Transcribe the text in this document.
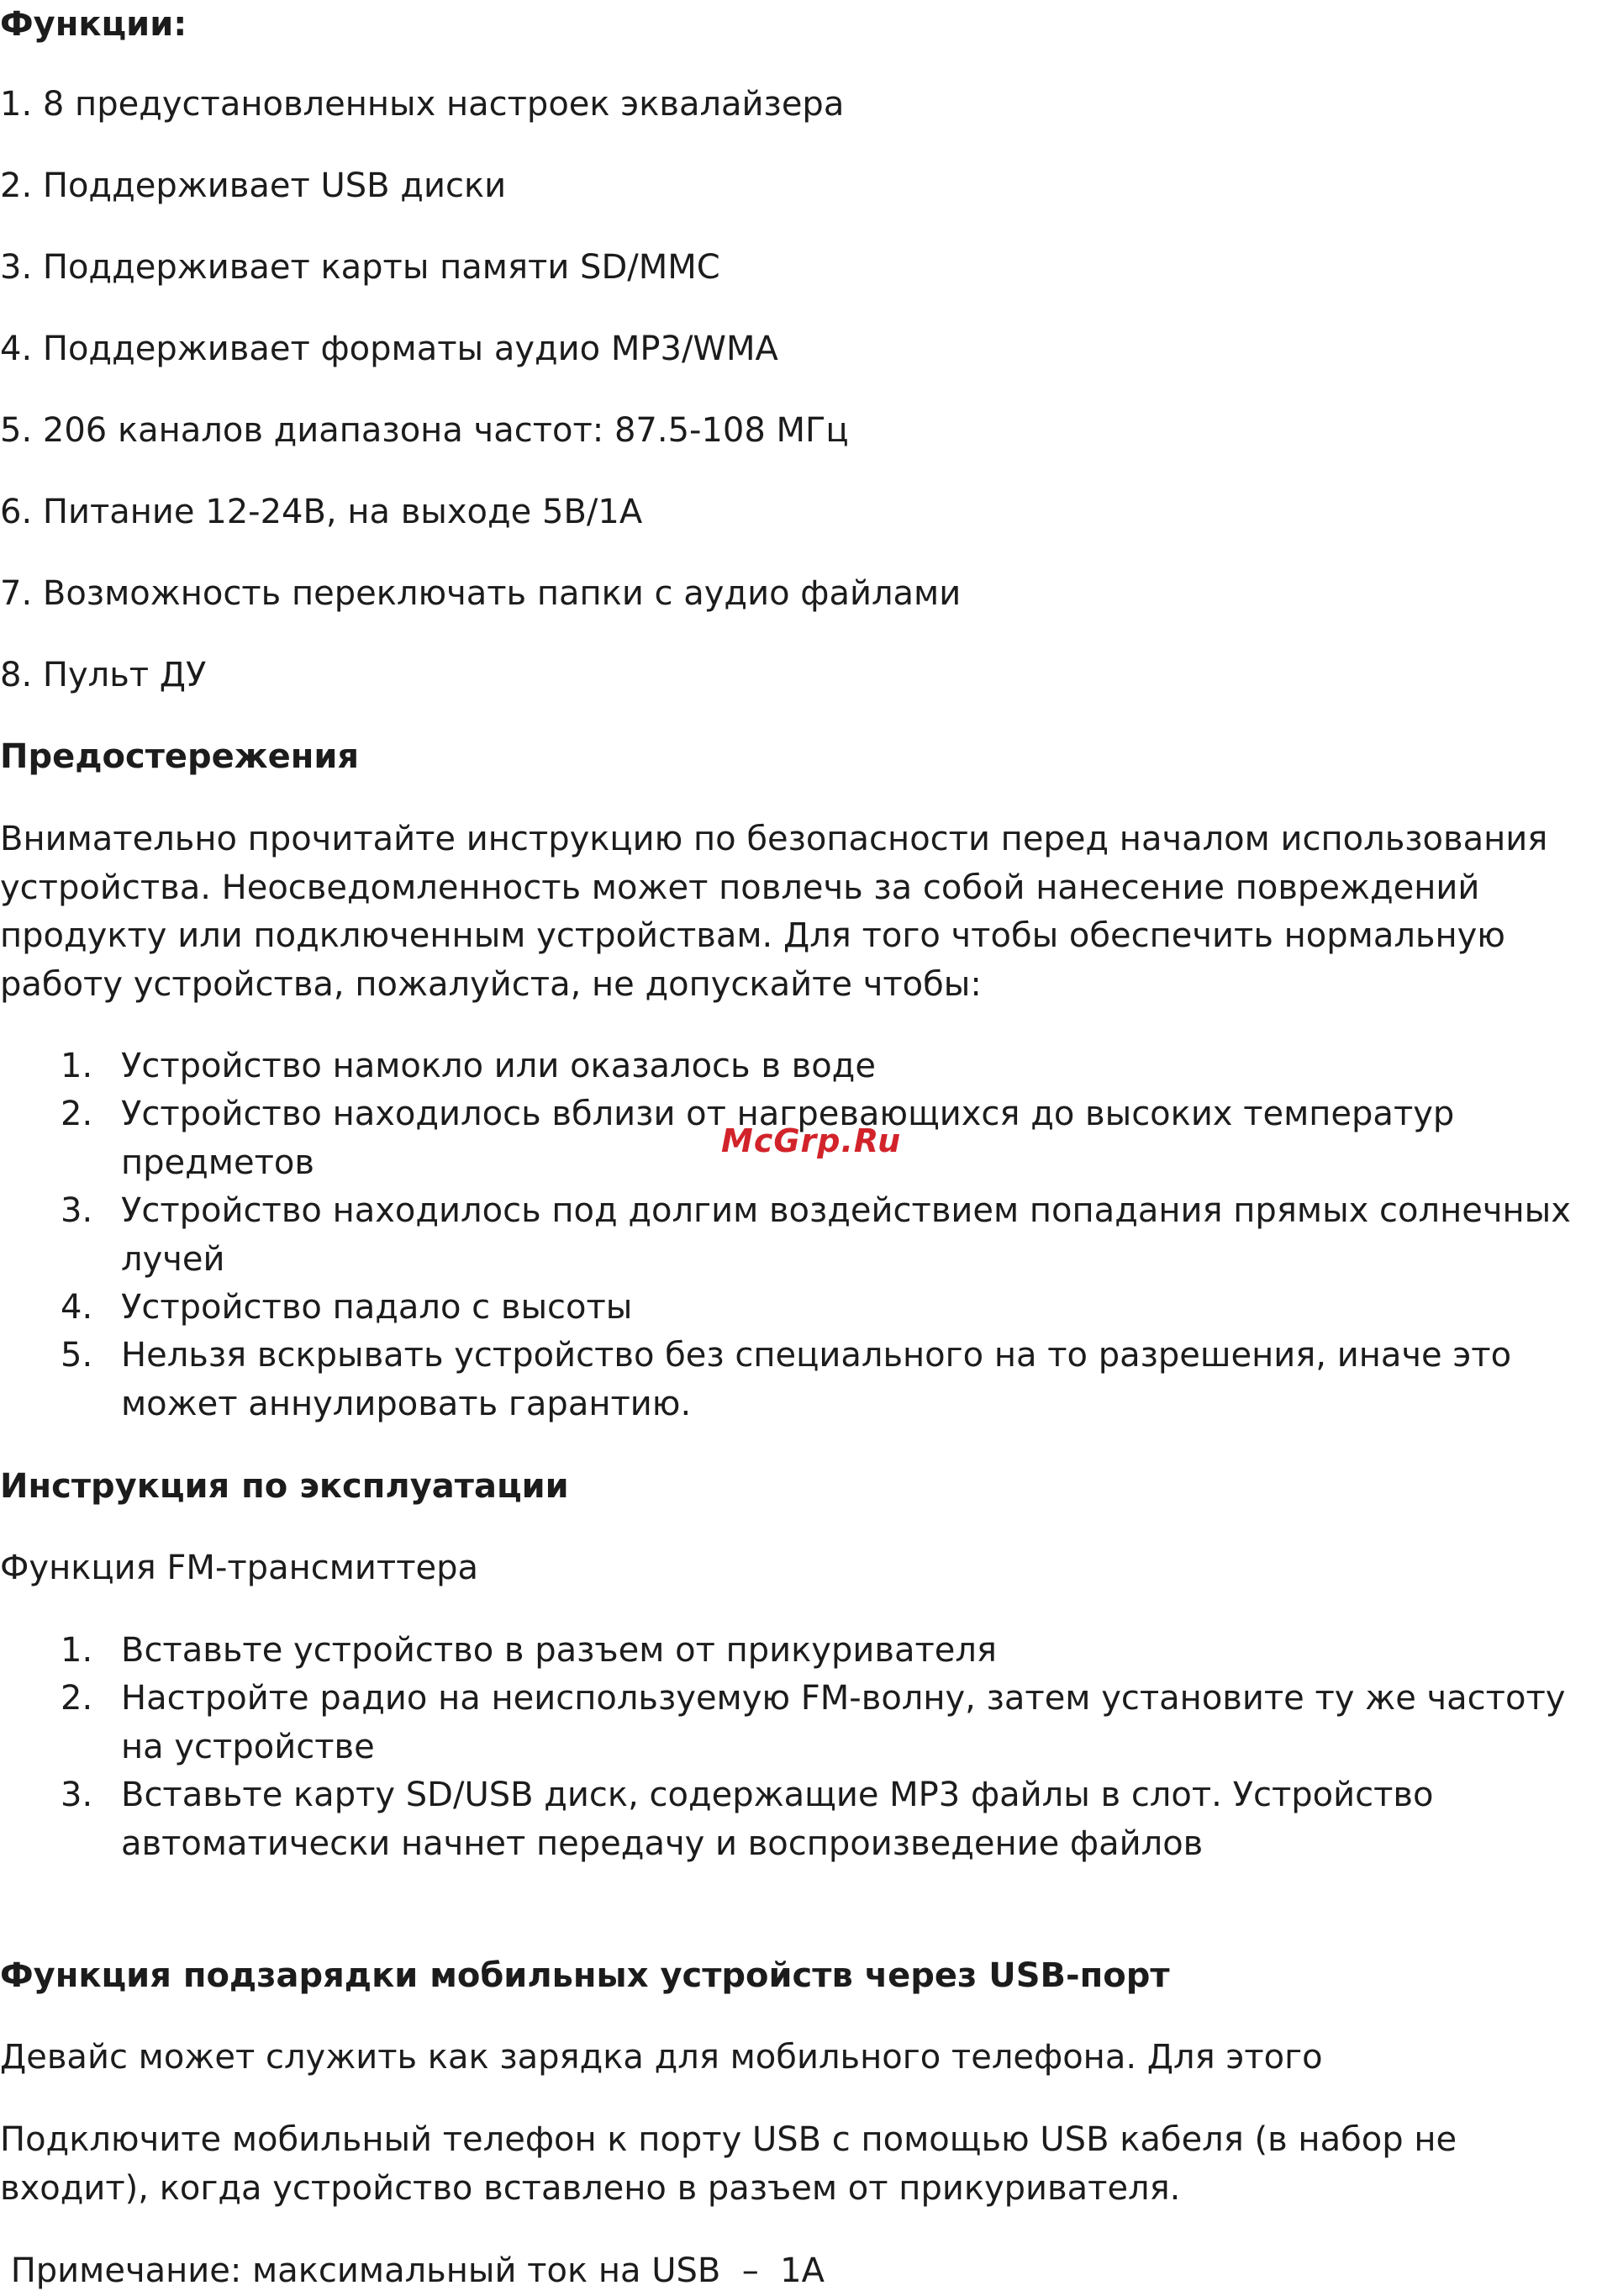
Функции:

1. 8 предустановленных настроек эквалайзера

2. Поддерживает USB диски

3. Поддерживает карты памяти SD/MMC

4. Поддерживает форматы аудио MP3/WMA

5. 206 каналов диапазона частот: 87.5-108 МГц

6. Питание 12-24В, на выходе 5В/1А

7. Возможность переключать папки с аудио файлами

8. Пульт ДУ

Предостережения

Внимательно прочитайте инструкцию по безопасности перед началом использования устройства. Неосведомленность может повлечь за собой нанесение повреждений продукту или подключенным устройствам. Для того чтобы обеспечить нормальную работу устройства, пожалуйста, не допускайте чтобы:

1. Устройство намокло или оказалось в воде
2. Устройство находилось вблизи от нагревающихся до высоких температур предметов
3. Устройство находилось под долгим воздействием попадания прямых солнечных лучей
4. Устройство падало с высоты
5. Нельзя вскрывать устройство без специального на то разрешения, иначе это может аннулировать гарантию.
McGrp.Ru

Инструкция по эксплуатации

Функция FM-трансмиттера

1. Вставьте устройство в разъем от прикуривателя
2. Настройте радио на неиспользуемую FM-волну, затем установите ту же частоту на устройстве
3. Вставьте карту SD/USB диск, содержащие MP3 файлы в слот. Устройство автоматически начнет передачу и воспроизведение файлов

Функция подзарядки мобильных устройств через USB-порт

Девайс может служить как зарядка для мобильного телефона. Для этого

Подключите мобильный телефон к порту USB с помощью USB кабеля (в набор не входит), когда устройство вставлено в разъем от прикуривателя.

Примечание: максимальный ток на USB  –  1А
